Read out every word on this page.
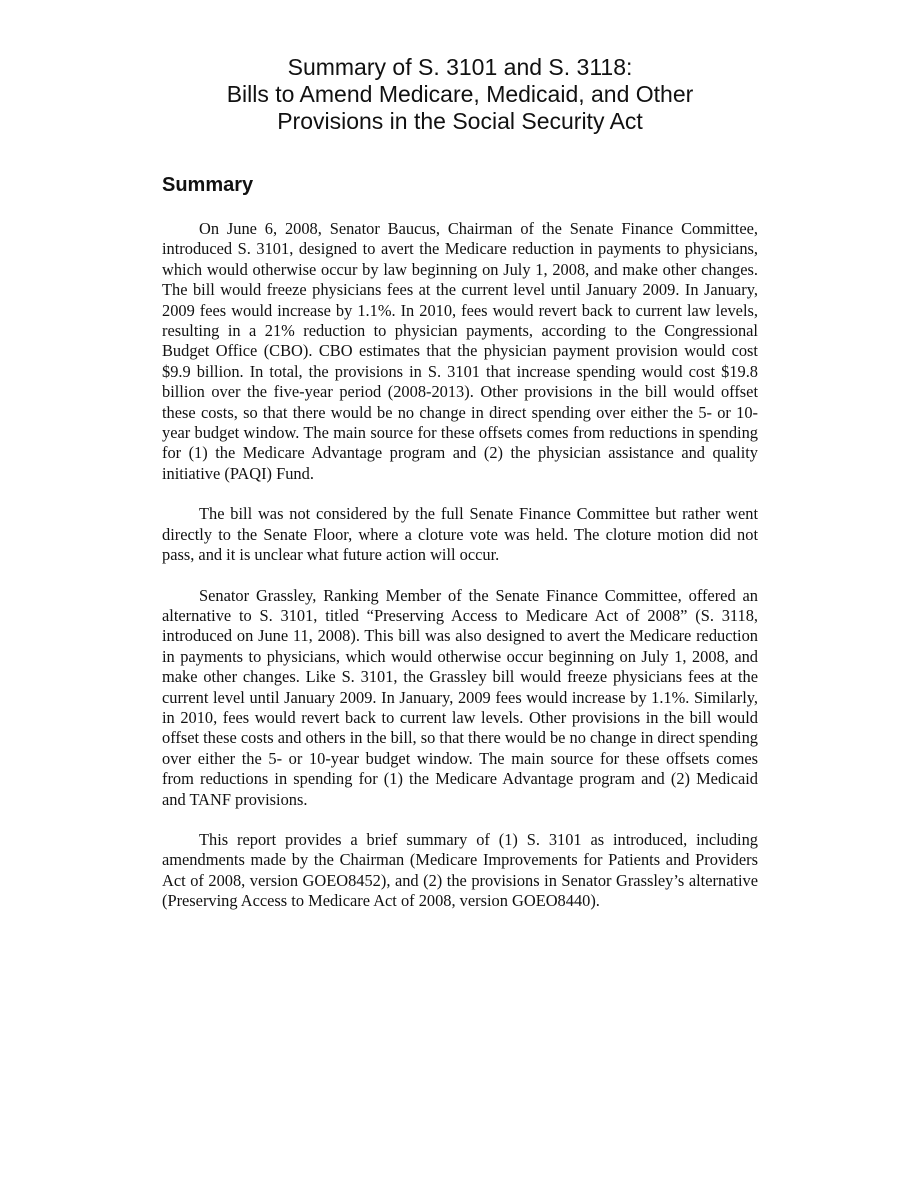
Summary of S. 3101 and S. 3118:
Bills to Amend Medicare, Medicaid, and Other
Provisions in the Social Security Act
Summary

On June 6, 2008, Senator Baucus, Chairman of the Senate Finance Committee, introduced S. 3101, designed to avert the Medicare reduction in payments to physicians, which would otherwise occur by law beginning on July 1, 2008, and make other changes. The bill would freeze physicians fees at the current level until January 2009. In January, 2009 fees would increase by 1.1%. In 2010, fees would revert back to current law levels, resulting in a 21% reduction to physician payments, according to the Congressional Budget Office (CBO). CBO estimates that the physician payment provision would cost $9.9 billion. In total, the provisions in S. 3101 that increase spending would cost $19.8 billion over the five-year period (2008-2013). Other provisions in the bill would offset these costs, so that there would be no change in direct spending over either the 5- or 10-year budget window. The main source for these offsets comes from reductions in spending for (1) the Medicare Advantage program and (2) the physician assistance and quality initiative (PAQI) Fund.

The bill was not considered by the full Senate Finance Committee but rather went directly to the Senate Floor, where a cloture vote was held. The cloture motion did not pass, and it is unclear what future action will occur.

Senator Grassley, Ranking Member of the Senate Finance Committee, offered an alternative to S. 3101, titled “Preserving Access to Medicare Act of 2008” (S. 3118, introduced on June 11, 2008). This bill was also designed to avert the Medicare reduction in payments to physicians, which would otherwise occur beginning on July 1, 2008, and make other changes. Like S. 3101, the Grassley bill would freeze physicians fees at the current level until January 2009. In January, 2009 fees would increase by 1.1%. Similarly, in 2010, fees would revert back to current law levels. Other provisions in the bill would offset these costs and others in the bill, so that there would be no change in direct spending over either the 5- or 10-year budget window. The main source for these offsets comes from reductions in spending for (1) the Medicare Advantage program and (2) Medicaid and TANF provisions.

This report provides a brief summary of (1) S. 3101 as introduced, including amendments made by the Chairman (Medicare Improvements for Patients and Providers Act of 2008, version GOEO8452), and (2) the provisions in Senator Grassley’s alternative (Preserving Access to Medicare Act of 2008, version GOEO8440).
